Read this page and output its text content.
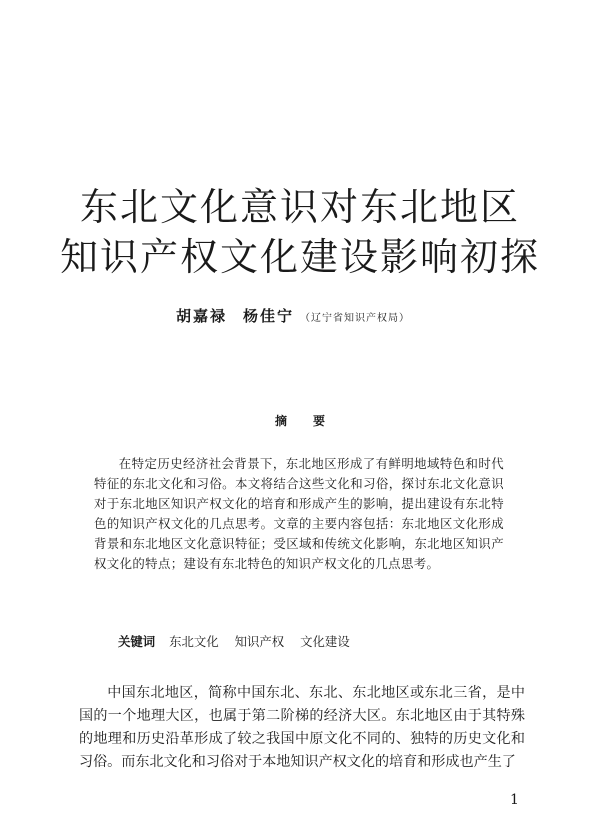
东北文化意识对东北地区
知识产权文化建设影响初探
胡嘉禄 杨佳宁 （辽宁省知识产权局）
摘要

在特定历史经济社会背景下，东北地区形成了有鲜明地域特色和时代特征的东北文化和习俗。本文将结合这些文化和习俗，探讨东北文化意识对于东北地区知识产权文化的培育和形成产生的影响，提出建设有东北特色的知识产权文化的几点思考。文章的主要内容包括：东北地区文化形成背景和东北地区文化意识特征；受区域和传统文化影响，东北地区知识产权文化的特点；建设有东北特色的知识产权文化的几点思考。

关键词 东北文化 知识产权 文化建设

中国东北地区，简称中国东北、东北、东北地区或东北三省，是中国的一个地理大区，也属于第二阶梯的经济大区。东北地区由于其特殊的地理和历史沿革形成了较之我国中原文化不同的、独特的历史文化和习俗。而东北文化和习俗对于本地知识产权文化的培育和形成也产生了

1
